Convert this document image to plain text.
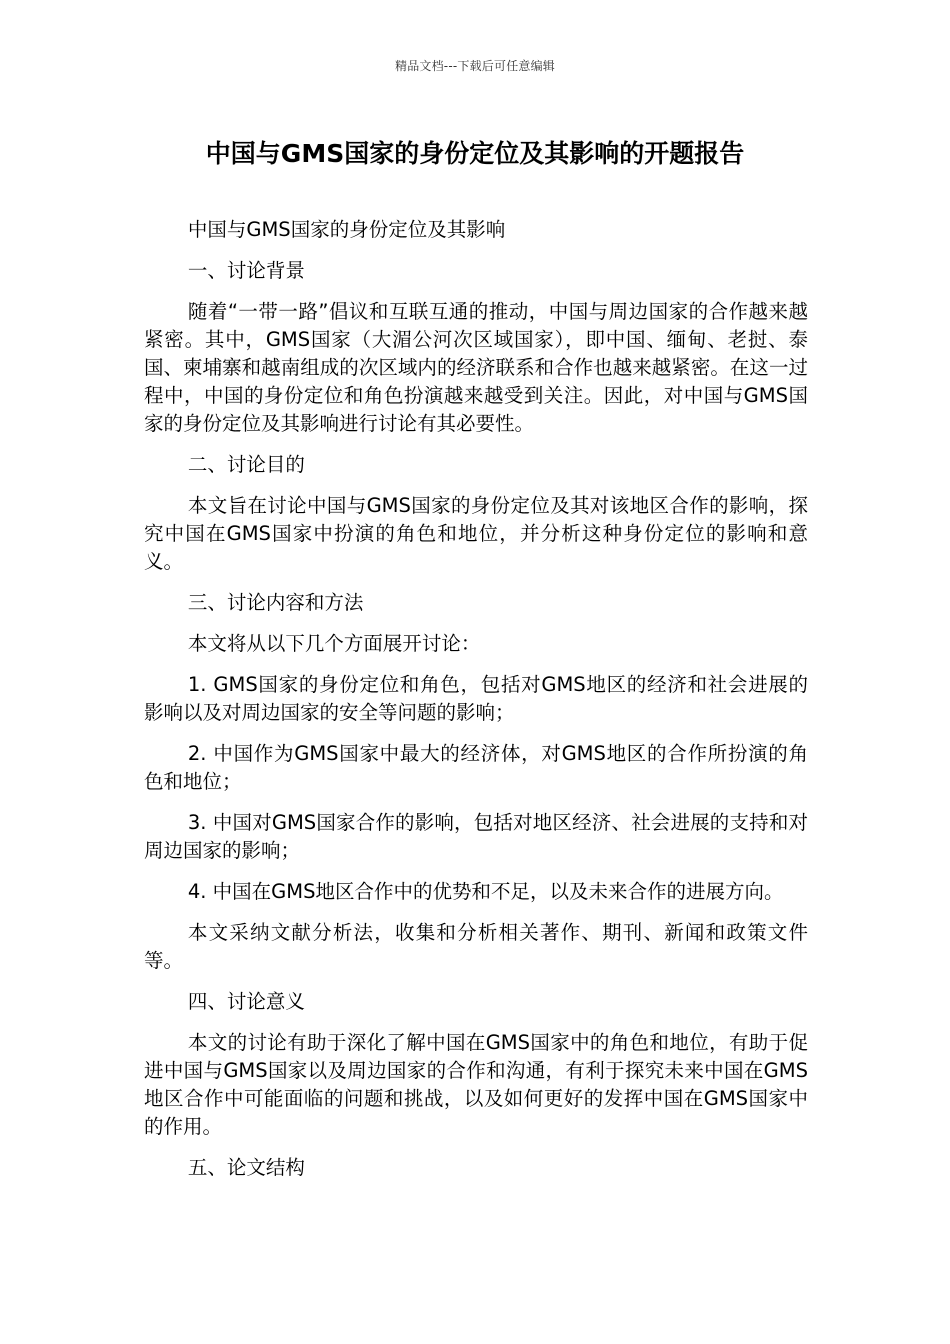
精品文档---下载后可任意编辑
中国与GMS国家的身份定位及其影响的开题报告

中国与GMS国家的身份定位及其影响

一、讨论背景

随着“一带一路”倡议和互联互通的推动，中国与周边国家的合作越来越紧密。其中，GMS国家（大湄公河次区域国家），即中国、缅甸、老挝、泰国、柬埔寨和越南组成的次区域内的经济联系和合作也越来越紧密。在这一过程中，中国的身份定位和角色扮演越来越受到关注。因此，对中国与GMS国家的身份定位及其影响进行讨论有其必要性。

二、讨论目的

本文旨在讨论中国与GMS国家的身份定位及其对该地区合作的影响，探究中国在GMS国家中扮演的角色和地位，并分析这种身份定位的影响和意义。

三、讨论内容和方法

本文将从以下几个方面展开讨论：

1. GMS国家的身份定位和角色，包括对GMS地区的经济和社会进展的影响以及对周边国家的安全等问题的影响；

2. 中国作为GMS国家中最大的经济体，对GMS地区的合作所扮演的角色和地位；

3. 中国对GMS国家合作的影响，包括对地区经济、社会进展的支持和对周边国家的影响；

4. 中国在GMS地区合作中的优势和不足，以及未来合作的进展方向。

本文采纳文献分析法，收集和分析相关著作、期刊、新闻和政策文件等。

四、讨论意义

本文的讨论有助于深化了解中国在GMS国家中的角色和地位，有助于促进中国与GMS国家以及周边国家的合作和沟通，有利于探究未来中国在GMS地区合作中可能面临的问题和挑战，以及如何更好的发挥中国在GMS国家中的作用。

五、论文结构
